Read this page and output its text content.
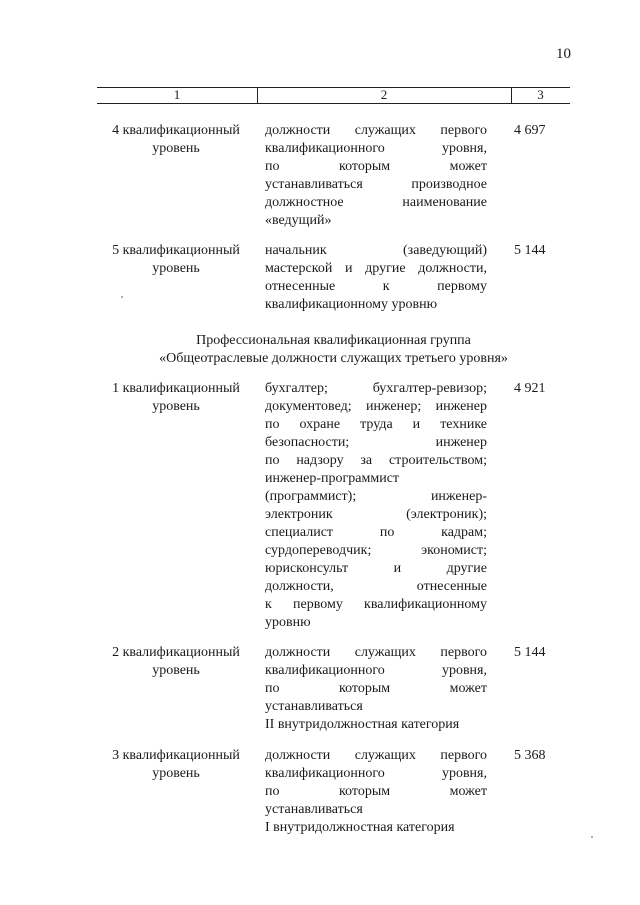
10
1	2	3
4 квалификационный
уровень
должности служащих первого
квалификационного уровня,
по которым может
устанавливаться производное
должностное наименование
«ведущий»
4 697
5 квалификационный
уровень
начальник (заведующий)
мастерской и другие должности,
отнесенные к первому
квалификационному уровню
5 144
Профессиональная квалификационная группа
«Общеотраслевые должности служащих третьего уровня»
1 квалификационный
уровень
бухгалтер; бухгалтер-ревизор;
документовед; инженер; инженер
по охране труда и технике
безопасности; инженер
по надзору за строительством;
инженер-программист
(программист); инженер-
электроник (электроник);
специалист по кадрам;
сурдопереводчик; экономист;
юрисконсульт и другие
должности, отнесенные
к первому квалификационному
уровню
4 921
2 квалификационный
уровень
должности служащих первого
квалификационного уровня,
по которым может
устанавливаться
II внутридолжностная категория
5 144
3 квалификационный
уровень
должности служащих первого
квалификационного уровня,
по которым может
устанавливаться
I внутридолжностная категория
5 368
